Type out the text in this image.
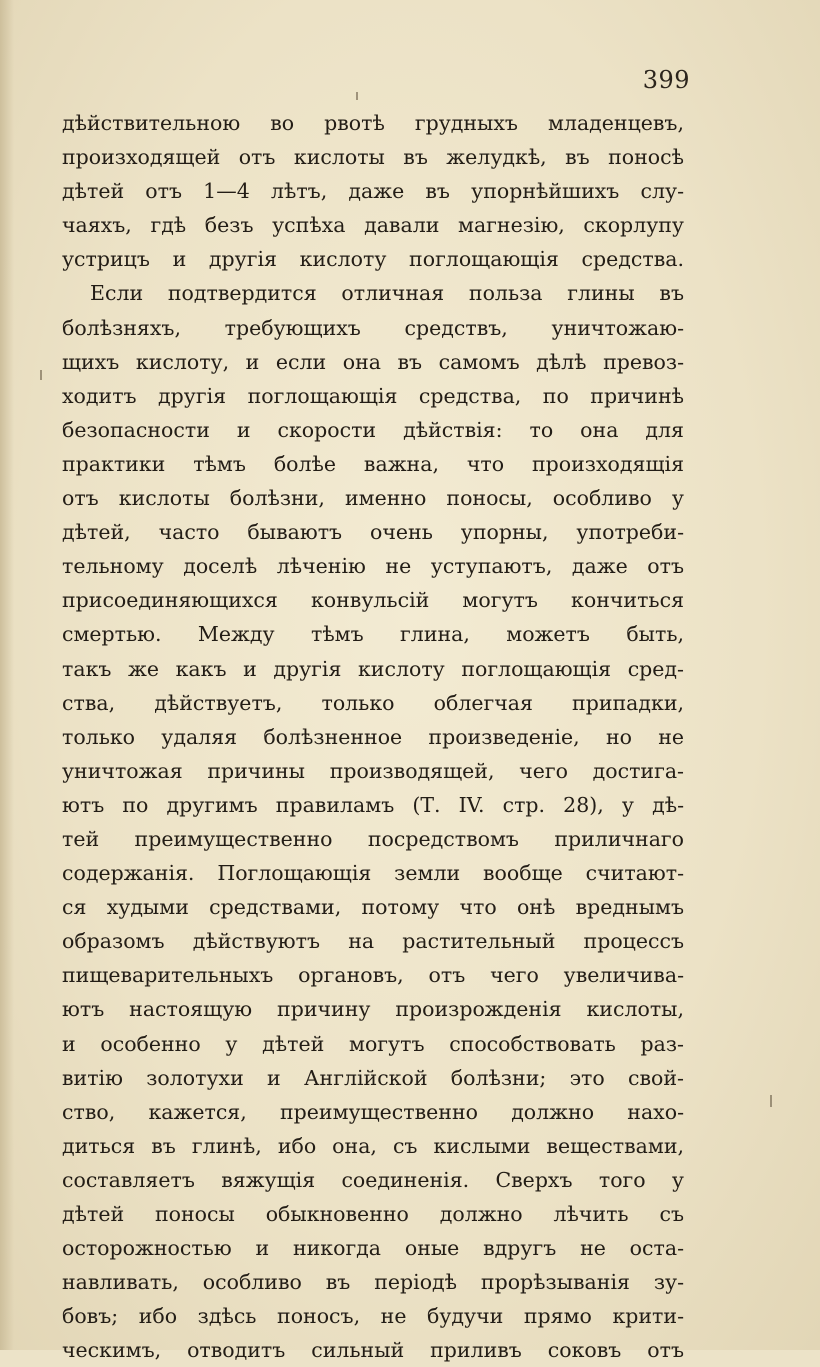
399
дѣйствительною во рвотѣ грудныхъ младенцевъ,
произходящей отъ кислоты въ желудкѣ, въ поносѣ
дѣтей отъ 1—4 лѣтъ, даже въ упорнѣйшихъ слу-
чаяхъ, гдѣ безъ успѣха давали магнезію, скорлупу
устрицъ и другія кислоту поглощающія средства.
Если подтвердится отличная польза глины въ
болѣзняхъ, требующихъ средствъ, уничтожаю-
щихъ кислоту, и если она въ самомъ дѣлѣ превоз-
ходитъ другія поглощающія средства, по причинѣ
безопасности и скорости дѣйствія: то она для
практики тѣмъ болѣе важна, что произходящія
отъ кислоты болѣзни, именно поносы, особливо у
дѣтей, часто бываютъ очень упорны, употреби-
тельному доселѣ лѣченію не уступаютъ, даже отъ
присоединяющихся конвульсій могутъ кончиться
смертью. Между тѣмъ глина, можетъ быть,
такъ же какъ и другія кислоту поглощающія сред-
ства, дѣйствуетъ, только облегчая припадки,
только удаляя болѣзненное произведеніе, но не
уничтожая причины производящей, чего достига-
ютъ по другимъ правиламъ (Т. IV. стр. 28), у дѣ-
тей преимущественно посредствомъ приличнаго
содержанія. Поглощающія земли вообще считают-
ся худыми средствами, потому что онѣ вреднымъ
образомъ дѣйствуютъ на растительный процессъ
пищеварительныхъ органовъ, отъ чего увеличива-
ютъ настоящую причину произрожденія кислоты,
и особенно у дѣтей могутъ способствовать раз-
витію золотухи и Англійской болѣзни; это свой-
ство, кажется, преимущественно должно нахо-
диться въ глинѣ, ибо она, съ кислыми веществами,
составляетъ вяжущія соединенія. Сверхъ того у
дѣтей поносы обыкновенно должно лѣчить съ
осторожностью и никогда оные вдругъ не оста-
навливать, особливо въ періодѣ прорѣзыванія зу-
бовъ; ибо здѣсь поносъ, не будучи прямо крити-
ческимъ, отводитъ сильный приливъ соковъ отъ
